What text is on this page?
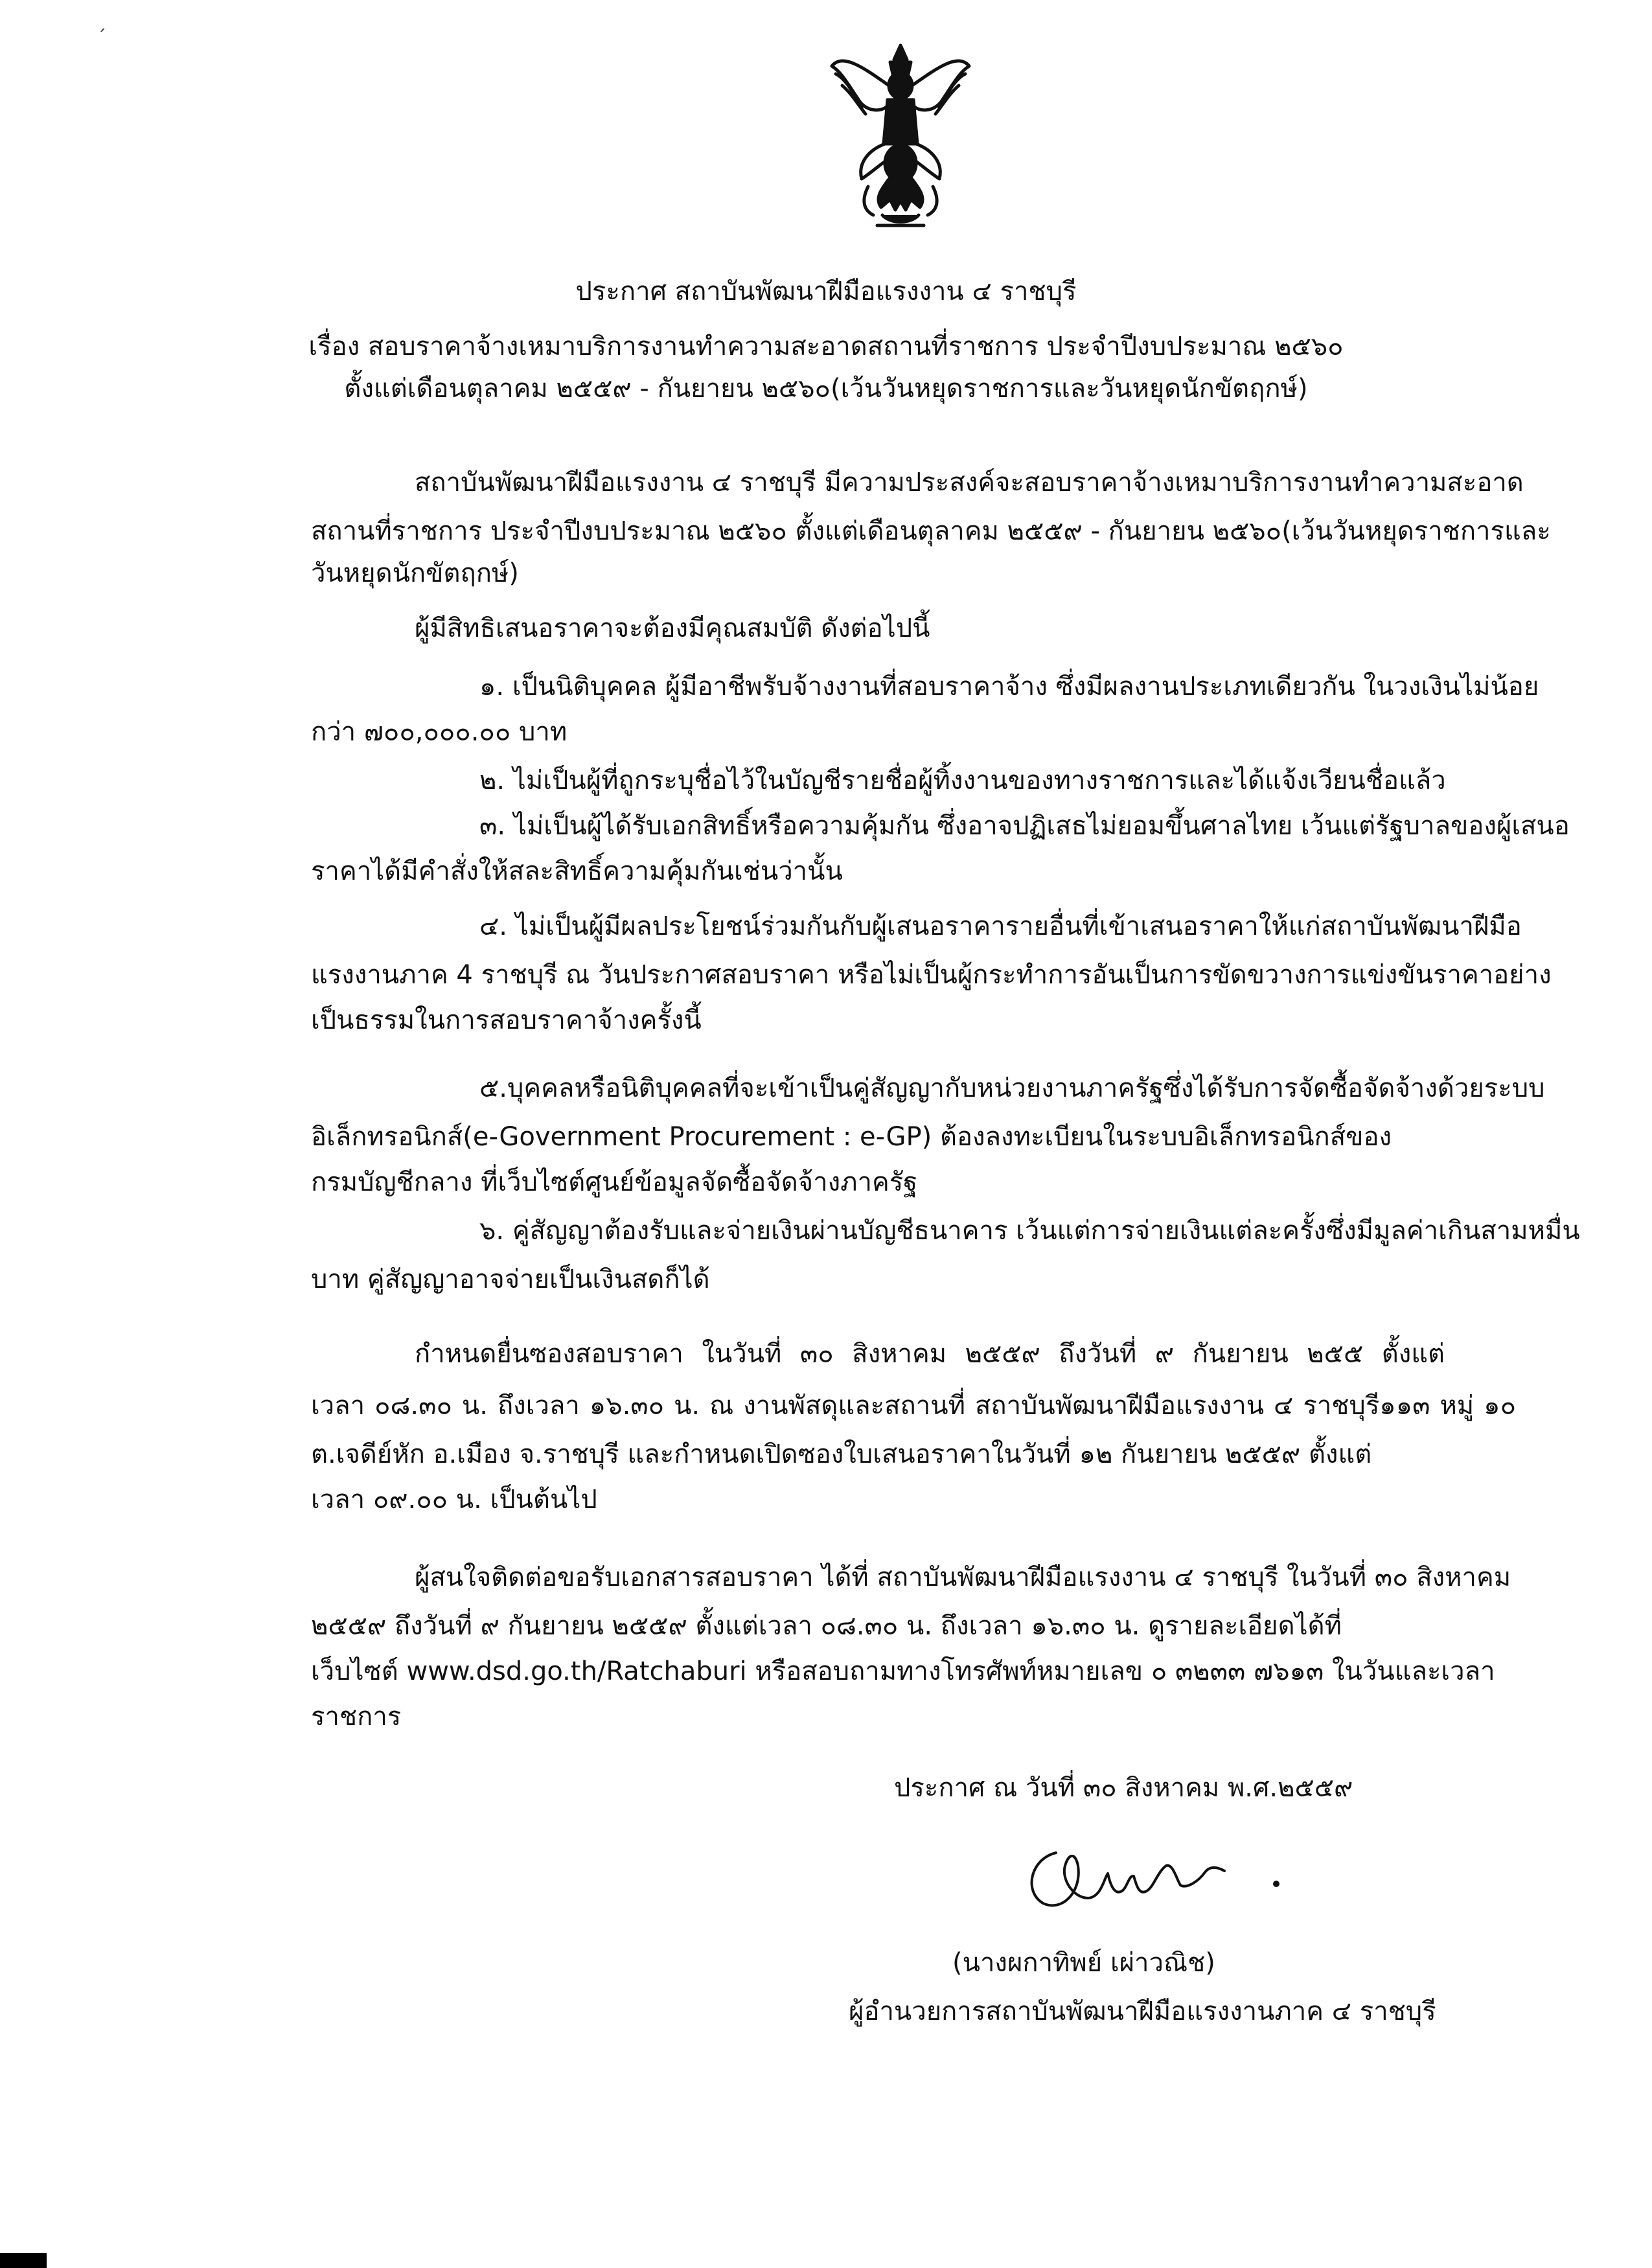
ˊ
ประกาศ สถาบันพัฒนาฝีมือแรงงาน ๔ ราชบุรี
เรื่อง สอบราคาจ้างเหมาบริการงานทำความสะอาดสถานที่ราชการ ประจำปีงบประมาณ ๒๕๖๐
ตั้งแต่เดือนตุลาคม ๒๕๕๙ - กันยายน ๒๕๖๐(เว้นวันหยุดราชการและวันหยุดนักขัตฤกษ์)
สถาบันพัฒนาฝีมือแรงงาน ๔ ราชบุรี มีความประสงค์จะสอบราคาจ้างเหมาบริการงานทำความสะอาด
สถานที่ราชการ ประจำปีงบประมาณ ๒๕๖๐ ตั้งแต่เดือนตุลาคม ๒๕๕๙ - กันยายน ๒๕๖๐(เว้นวันหยุดราชการและ
วันหยุดนักขัตฤกษ์)
ผู้มีสิทธิเสนอราคาจะต้องมีคุณสมบัติ ดังต่อไปนี้
๑. เป็นนิติบุคคล ผู้มีอาชีพรับจ้างงานที่สอบราคาจ้าง ซึ่งมีผลงานประเภทเดียวกัน ในวงเงินไม่น้อย
กว่า ๗๐๐,๐๐๐.๐๐ บาท
๒. ไม่เป็นผู้ที่ถูกระบุชื่อไว้ในบัญชีรายชื่อผู้ทิ้งงานของทางราชการและได้แจ้งเวียนชื่อแล้ว
๓. ไม่เป็นผู้ได้รับเอกสิทธิ์หรือความคุ้มกัน ซึ่งอาจปฏิเสธไม่ยอมขึ้นศาลไทย เว้นแต่รัฐบาลของผู้เสนอ
ราคาได้มีคำสั่งให้สละสิทธิ์ความคุ้มกันเช่นว่านั้น
๔. ไม่เป็นผู้มีผลประโยชน์ร่วมกันกับผู้เสนอราคารายอื่นที่เข้าเสนอราคาให้แก่สถาบันพัฒนาฝีมือ
แรงงานภาค 4 ราชบุรี ณ วันประกาศสอบราคา หรือไม่เป็นผู้กระทำการอันเป็นการขัดขวางการแข่งขันราคาอย่าง
เป็นธรรมในการสอบราคาจ้างครั้งนี้
๕.บุคคลหรือนิติบุคคลที่จะเข้าเป็นคู่สัญญากับหน่วยงานภาครัฐซึ่งได้รับการจัดซื้อจัดจ้างด้วยระบบ
อิเล็กทรอนิกส์(e-Government Procurement : e-GP) ต้องลงทะเบียนในระบบอิเล็กทรอนิกส์ของ
กรมบัญชีกลาง ที่เว็บไซต์ศูนย์ข้อมูลจัดซื้อจัดจ้างภาครัฐ
๖. คู่สัญญาต้องรับและจ่ายเงินผ่านบัญชีธนาคาร เว้นแต่การจ่ายเงินแต่ละครั้งซึ่งมีมูลค่าเกินสามหมื่น
บาท คู่สัญญาอาจจ่ายเป็นเงินสดก็ได้
กำหนดยื่นซองสอบราคา ในวันที่ ๓๐ สิงหาคม ๒๕๕๙ ถึงวันที่ ๙ กันยายน ๒๕๕ ตั้งแต่
เวลา ๐๘.๓๐ น. ถึงเวลา ๑๖.๓๐ น. ณ งานพัสดุและสถานที่ สถาบันพัฒนาฝีมือแรงงาน ๔ ราชบุรี๑๑๓ หมู่ ๑๐
ต.เจดีย์หัก อ.เมือง จ.ราชบุรี และกำหนดเปิดซองใบเสนอราคาในวันที่ ๑๒ กันยายน ๒๕๕๙ ตั้งแต่
เวลา ๐๙.๐๐ น. เป็นต้นไป
ผู้สนใจติดต่อขอรับเอกสารสอบราคา ได้ที่ สถาบันพัฒนาฝีมือแรงงาน ๔ ราชบุรี ในวันที่ ๓๐ สิงหาคม
๒๕๕๙ ถึงวันที่ ๙ กันยายน ๒๕๕๙ ตั้งแต่เวลา ๐๘.๓๐ น. ถึงเวลา ๑๖.๓๐ น. ดูรายละเอียดได้ที่
เว็บไซต์ www.dsd.go.th/Ratchaburi หรือสอบถามทางโทรศัพท์หมายเลข ๐ ๓๒๓๓ ๗๖๑๓ ในวันและเวลา
ราชการ
ประกาศ ณ วันที่ ๓๐ สิงหาคม พ.ศ.๒๕๕๙
(นางผกาทิพย์ เผ่าวณิช)
ผู้อำนวยการสถาบันพัฒนาฝีมือแรงงานภาค ๔ ราชบุรี
